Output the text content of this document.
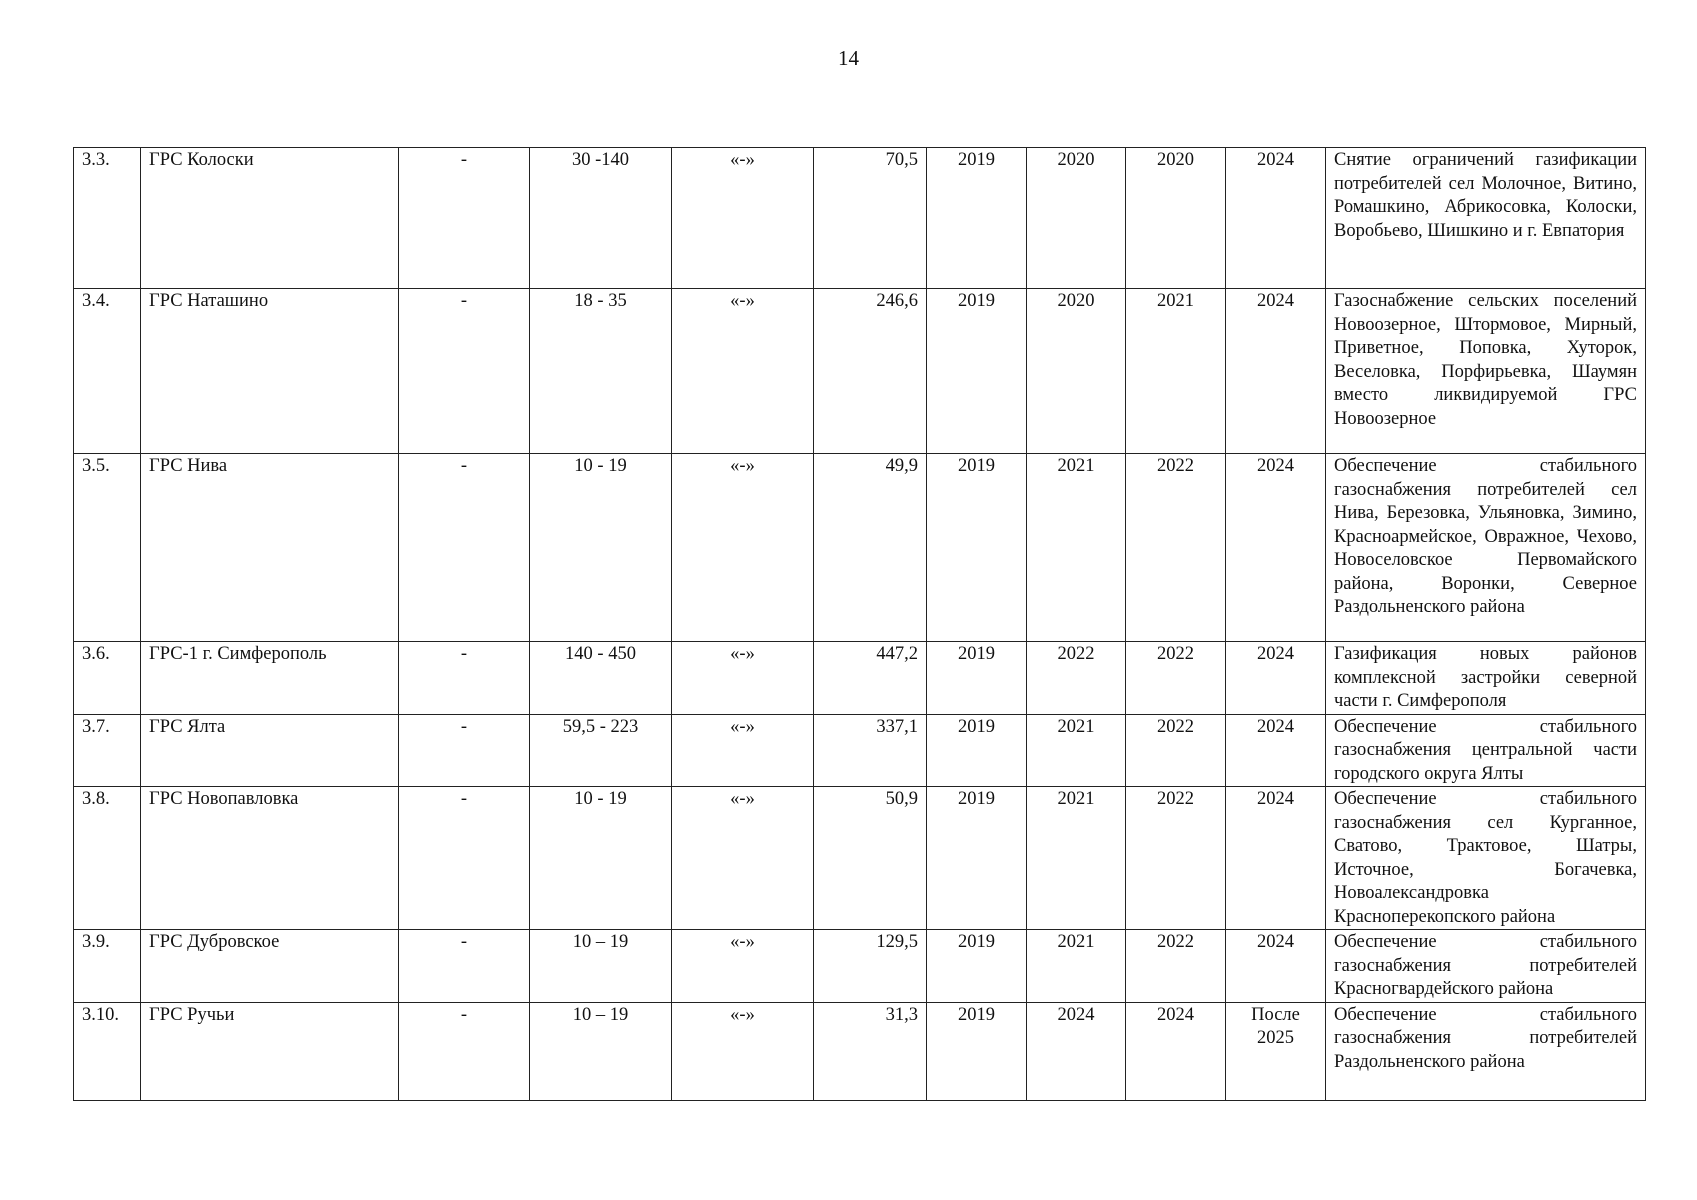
14
3.3.	ГРС Колоски	-	30 -140	«-»	70,5	2019	2020	2020	2024	Снятие ограничений газификации потребителей сел Молочное, Витино, Ромашкино, Абрикосовка, Колоски, Воробьево, Шишкино и г. Евпатория
3.4.	ГРС Наташино	-	18 - 35	«-»	246,6	2019	2020	2021	2024	Газоснабжение сельских поселений Новоозерное, Штормовое, Мирный, Приветное, Поповка, Хуторок, Веселовка, Порфирьевка, Шаумян вместо ликвидируемой ГРС Новоозерное
3.5.	ГРС Нива	-	10 - 19	«-»	49,9	2019	2021	2022	2024	Обеспечение стабильного газоснабжения потребителей сел Нива, Березовка, Ульяновка, Зимино, Красноармейское, Овражное, Чехово, Новоселовское Первомайского района, Воронки, Северное Раздольненского района
3.6.	ГРС-1 г. Симферополь	-	140 - 450	«-»	447,2	2019	2022	2022	2024	Газификация новых районов комплексной застройки северной части г. Симферополя
3.7.	ГРС Ялта	-	59,5 - 223	«-»	337,1	2019	2021	2022	2024	Обеспечение стабильного газоснабжения центральной части городского округа Ялты
3.8.	ГРС Новопавловка	-	10 - 19	«-»	50,9	2019	2021	2022	2024	Обеспечение стабильного газоснабжения сел Курганное, Сватово, Трактовое, Шатры, Источное, Богачевка, Новоалександровка Красноперекопского района
3.9.	ГРС Дубровское	-	10 – 19	«-»	129,5	2019	2021	2022	2024	Обеспечение стабильного газоснабжения потребителей Красногвардейского района
3.10.	ГРС Ручьи	-	10 – 19	«-»	31,3	2019	2024	2024	После 2025	Обеспечение стабильного газоснабжения потребителей Раздольненского района
